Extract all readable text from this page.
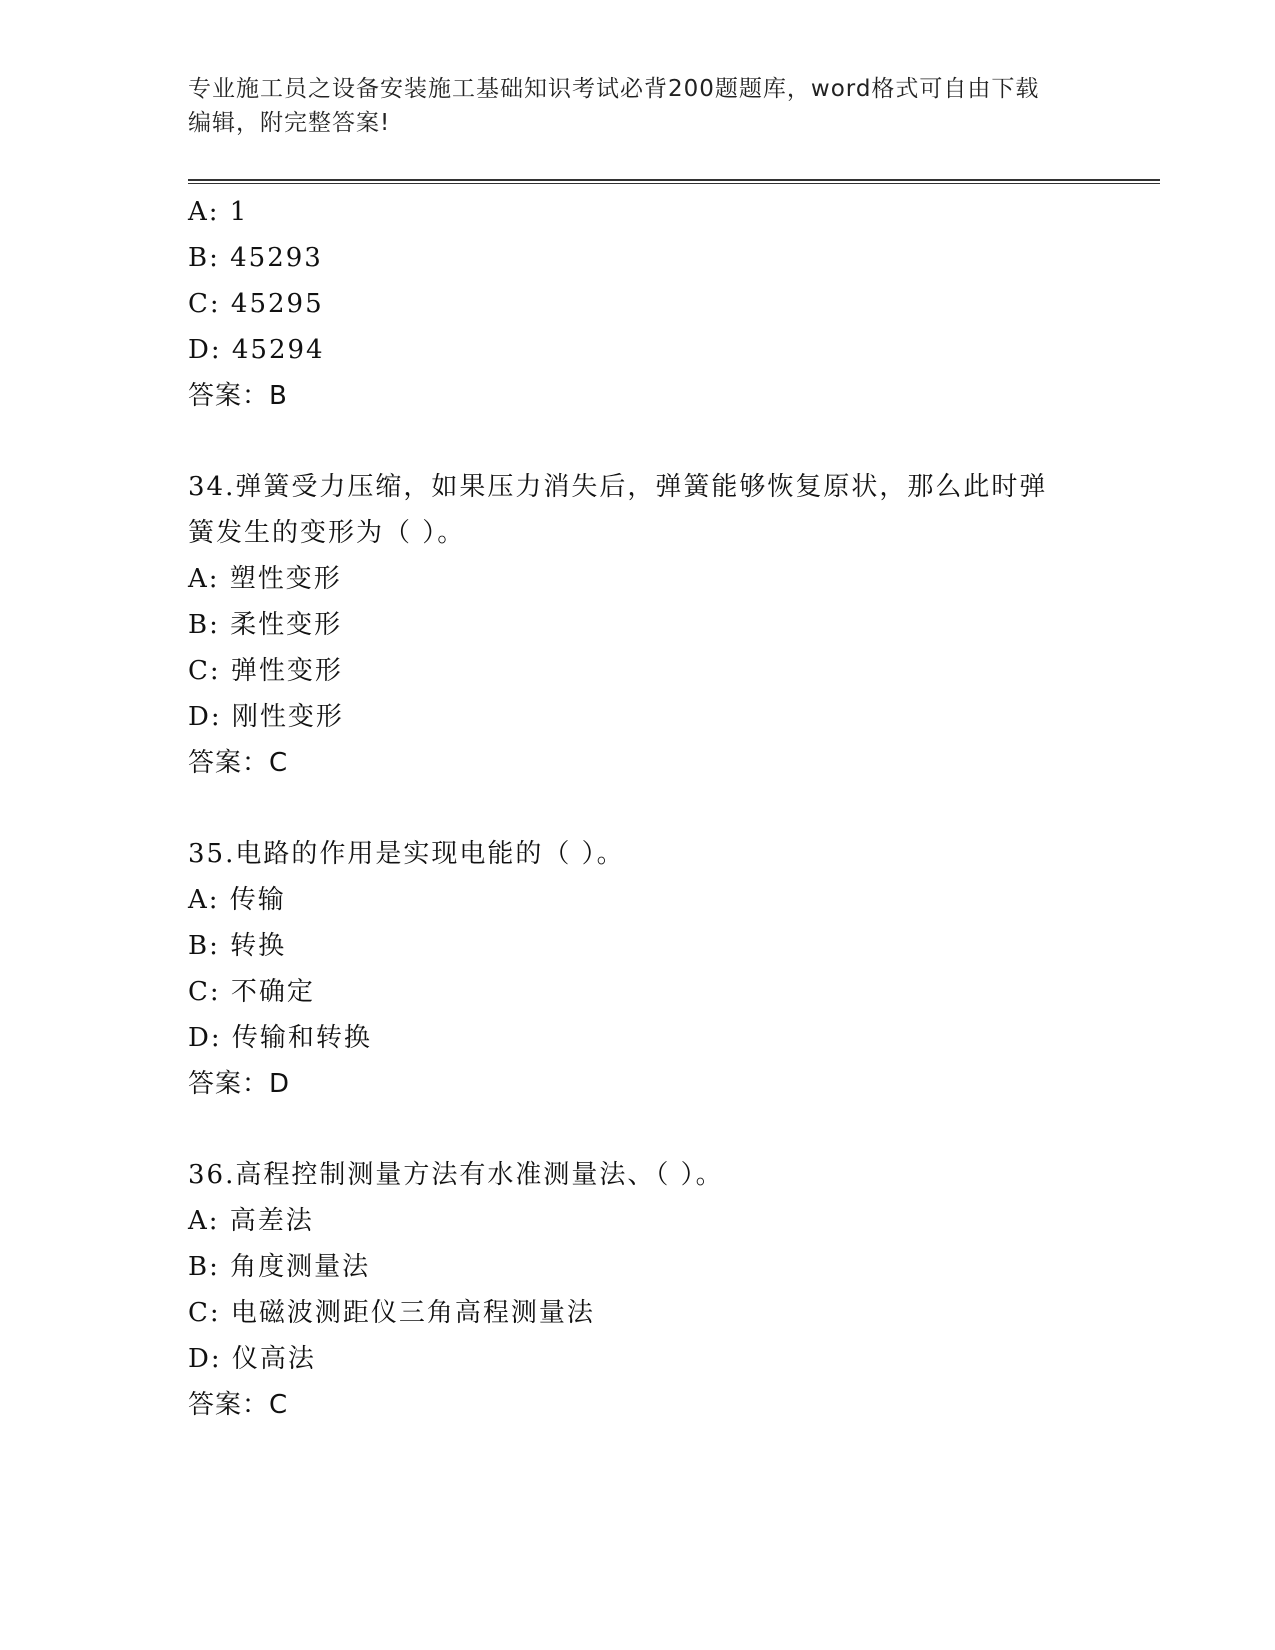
专业施工员之设备安装施工基础知识考试必背200题题库，word格式可自由下载
编辑，附完整答案!
A: 1
B: 45293
C: 45295
D: 45294
答案：B
34.弹簧受力压缩，如果压力消失后，弹簧能够恢复原状，那么此时弹
簧发生的变形为（ ）。
A: 塑性变形
B: 柔性变形
C: 弹性变形
D: 刚性变形
答案：C
35.电路的作用是实现电能的（ ）。
A: 传输
B: 转换
C: 不确定
D: 传输和转换
答案：D
36.高程控制测量方法有水准测量法、（ ）。
A: 高差法
B: 角度测量法
C: 电磁波测距仪三角高程测量法
D: 仪高法
答案：C
